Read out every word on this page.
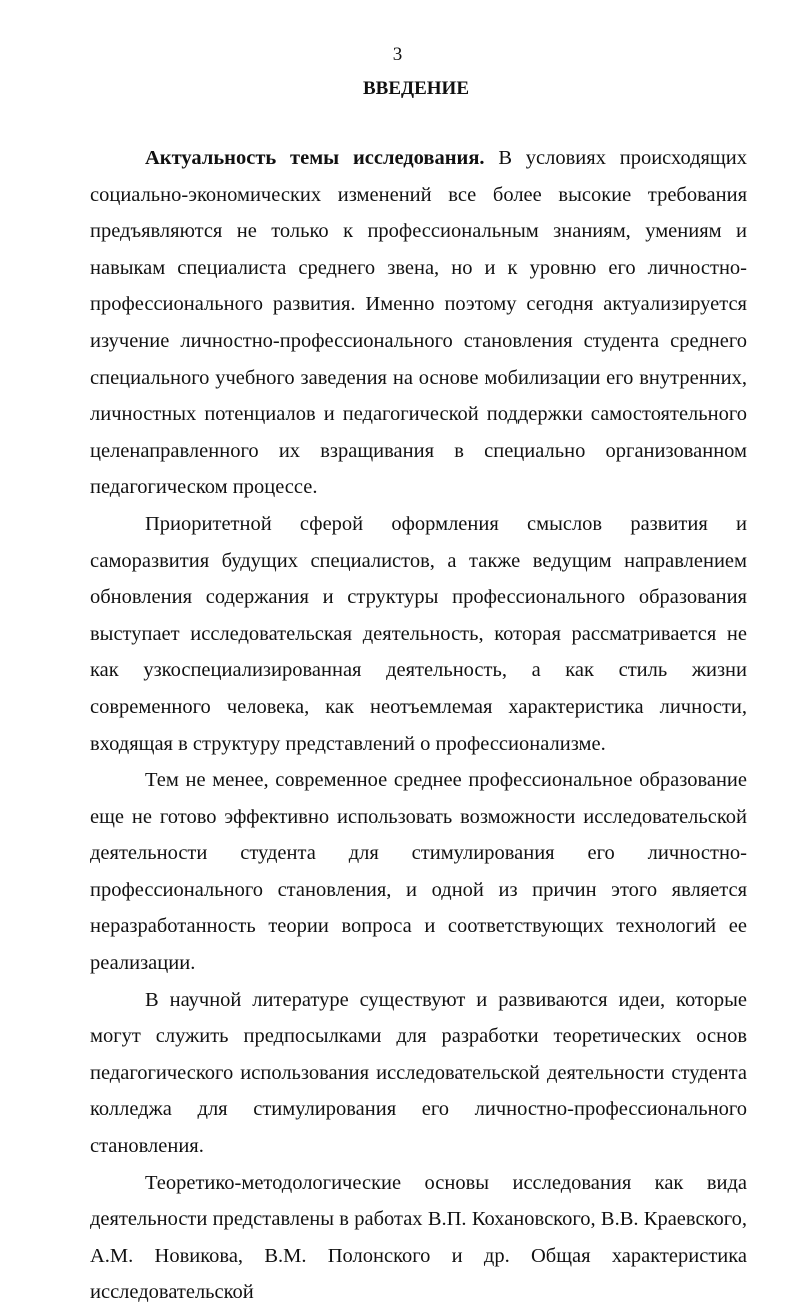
3
ВВЕДЕНИЕ

Актуальность темы исследования. В условиях происходящих социально-экономических изменений все более высокие требования предъявляются не только к профессиональным знаниям, умениям и навыкам специалиста среднего звена, но и к уровню его личностно-профессионального развития. Именно поэтому сегодня актуализируется изучение личностно-профессионального становления студента среднего специального учебного заведения на основе мобилизации его внутренних, личностных потенциалов и педагогической поддержки самостоятельного целенаправленного их взращивания в специально организованном педагогическом процессе.

Приоритетной сферой оформления смыслов развития и саморазвития будущих специалистов, а также ведущим направлением обновления содержания и структуры профессионального образования выступает исследовательская деятельность, которая рассматривается не как узкоспециализированная деятельность, а как стиль жизни современного человека, как неотъемлемая характеристика личности, входящая в структуру представлений о профессионализме.

Тем не менее, современное среднее профессиональное образование еще не готово эффективно использовать возможности исследовательской деятельности студента для стимулирования его личностно-профессионального становления, и одной из причин этого является неразработанность теории вопроса и соответствующих технологий ее реализации.

В научной литературе существуют и развиваются идеи, которые могут служить предпосылками для разработки теоретических основ педагогического использования исследовательской деятельности студента колледжа для стимулирования его личностно-профессионального становления.

Теоретико-методологические основы исследования как вида деятельности представлены в работах В.П. Кохановского, В.В. Краевского, А.М. Новикова, В.М. Полонского и др. Общая характеристика исследовательской
